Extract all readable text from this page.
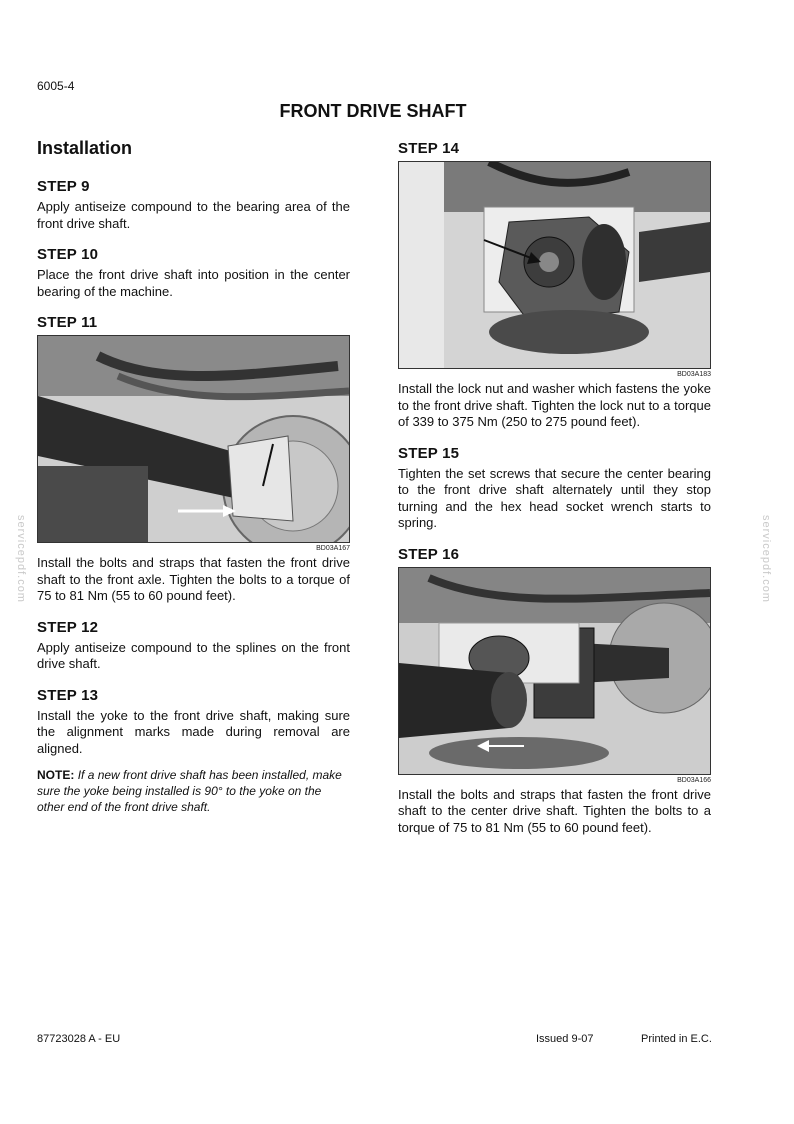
6005-4
FRONT DRIVE SHAFT
servicepdf.com	servicepdf.com
Installation
STEP 9
Apply antiseize compound to the bearing area of the front drive shaft.
STEP 10
Place the front drive shaft into position in the center bearing of the machine.
STEP 11
BD03A167
Install the bolts and straps that fasten the front drive shaft to the front axle. Tighten the bolts to a torque of 75 to 81 Nm (55 to 60 pound feet).
STEP 12
Apply antiseize compound to the splines on the front drive shaft.
STEP 13
Install the yoke to the front drive shaft, making sure the alignment marks made during removal are aligned.
NOTE: If a new front drive shaft has been installed, make sure the yoke being installed is 90° to the yoke on the other end of the front drive shaft.
STEP 14
BD03A183
Install the lock nut and washer which fastens the yoke to the front drive shaft. Tighten the lock nut to a torque of 339 to 375 Nm (250 to 275 pound feet).
STEP 15
Tighten the set screws that secure the center bearing to the front drive shaft alternately until they stop turning and the hex head socket wrench starts to spring.
STEP 16
BD03A166
Install the bolts and straps that fasten the front drive shaft to the center drive shaft. Tighten the bolts to a torque of 75 to 81 Nm (55 to 60 pound feet).
87723028 A - EU	Issued 9-07	Printed in E.C.
